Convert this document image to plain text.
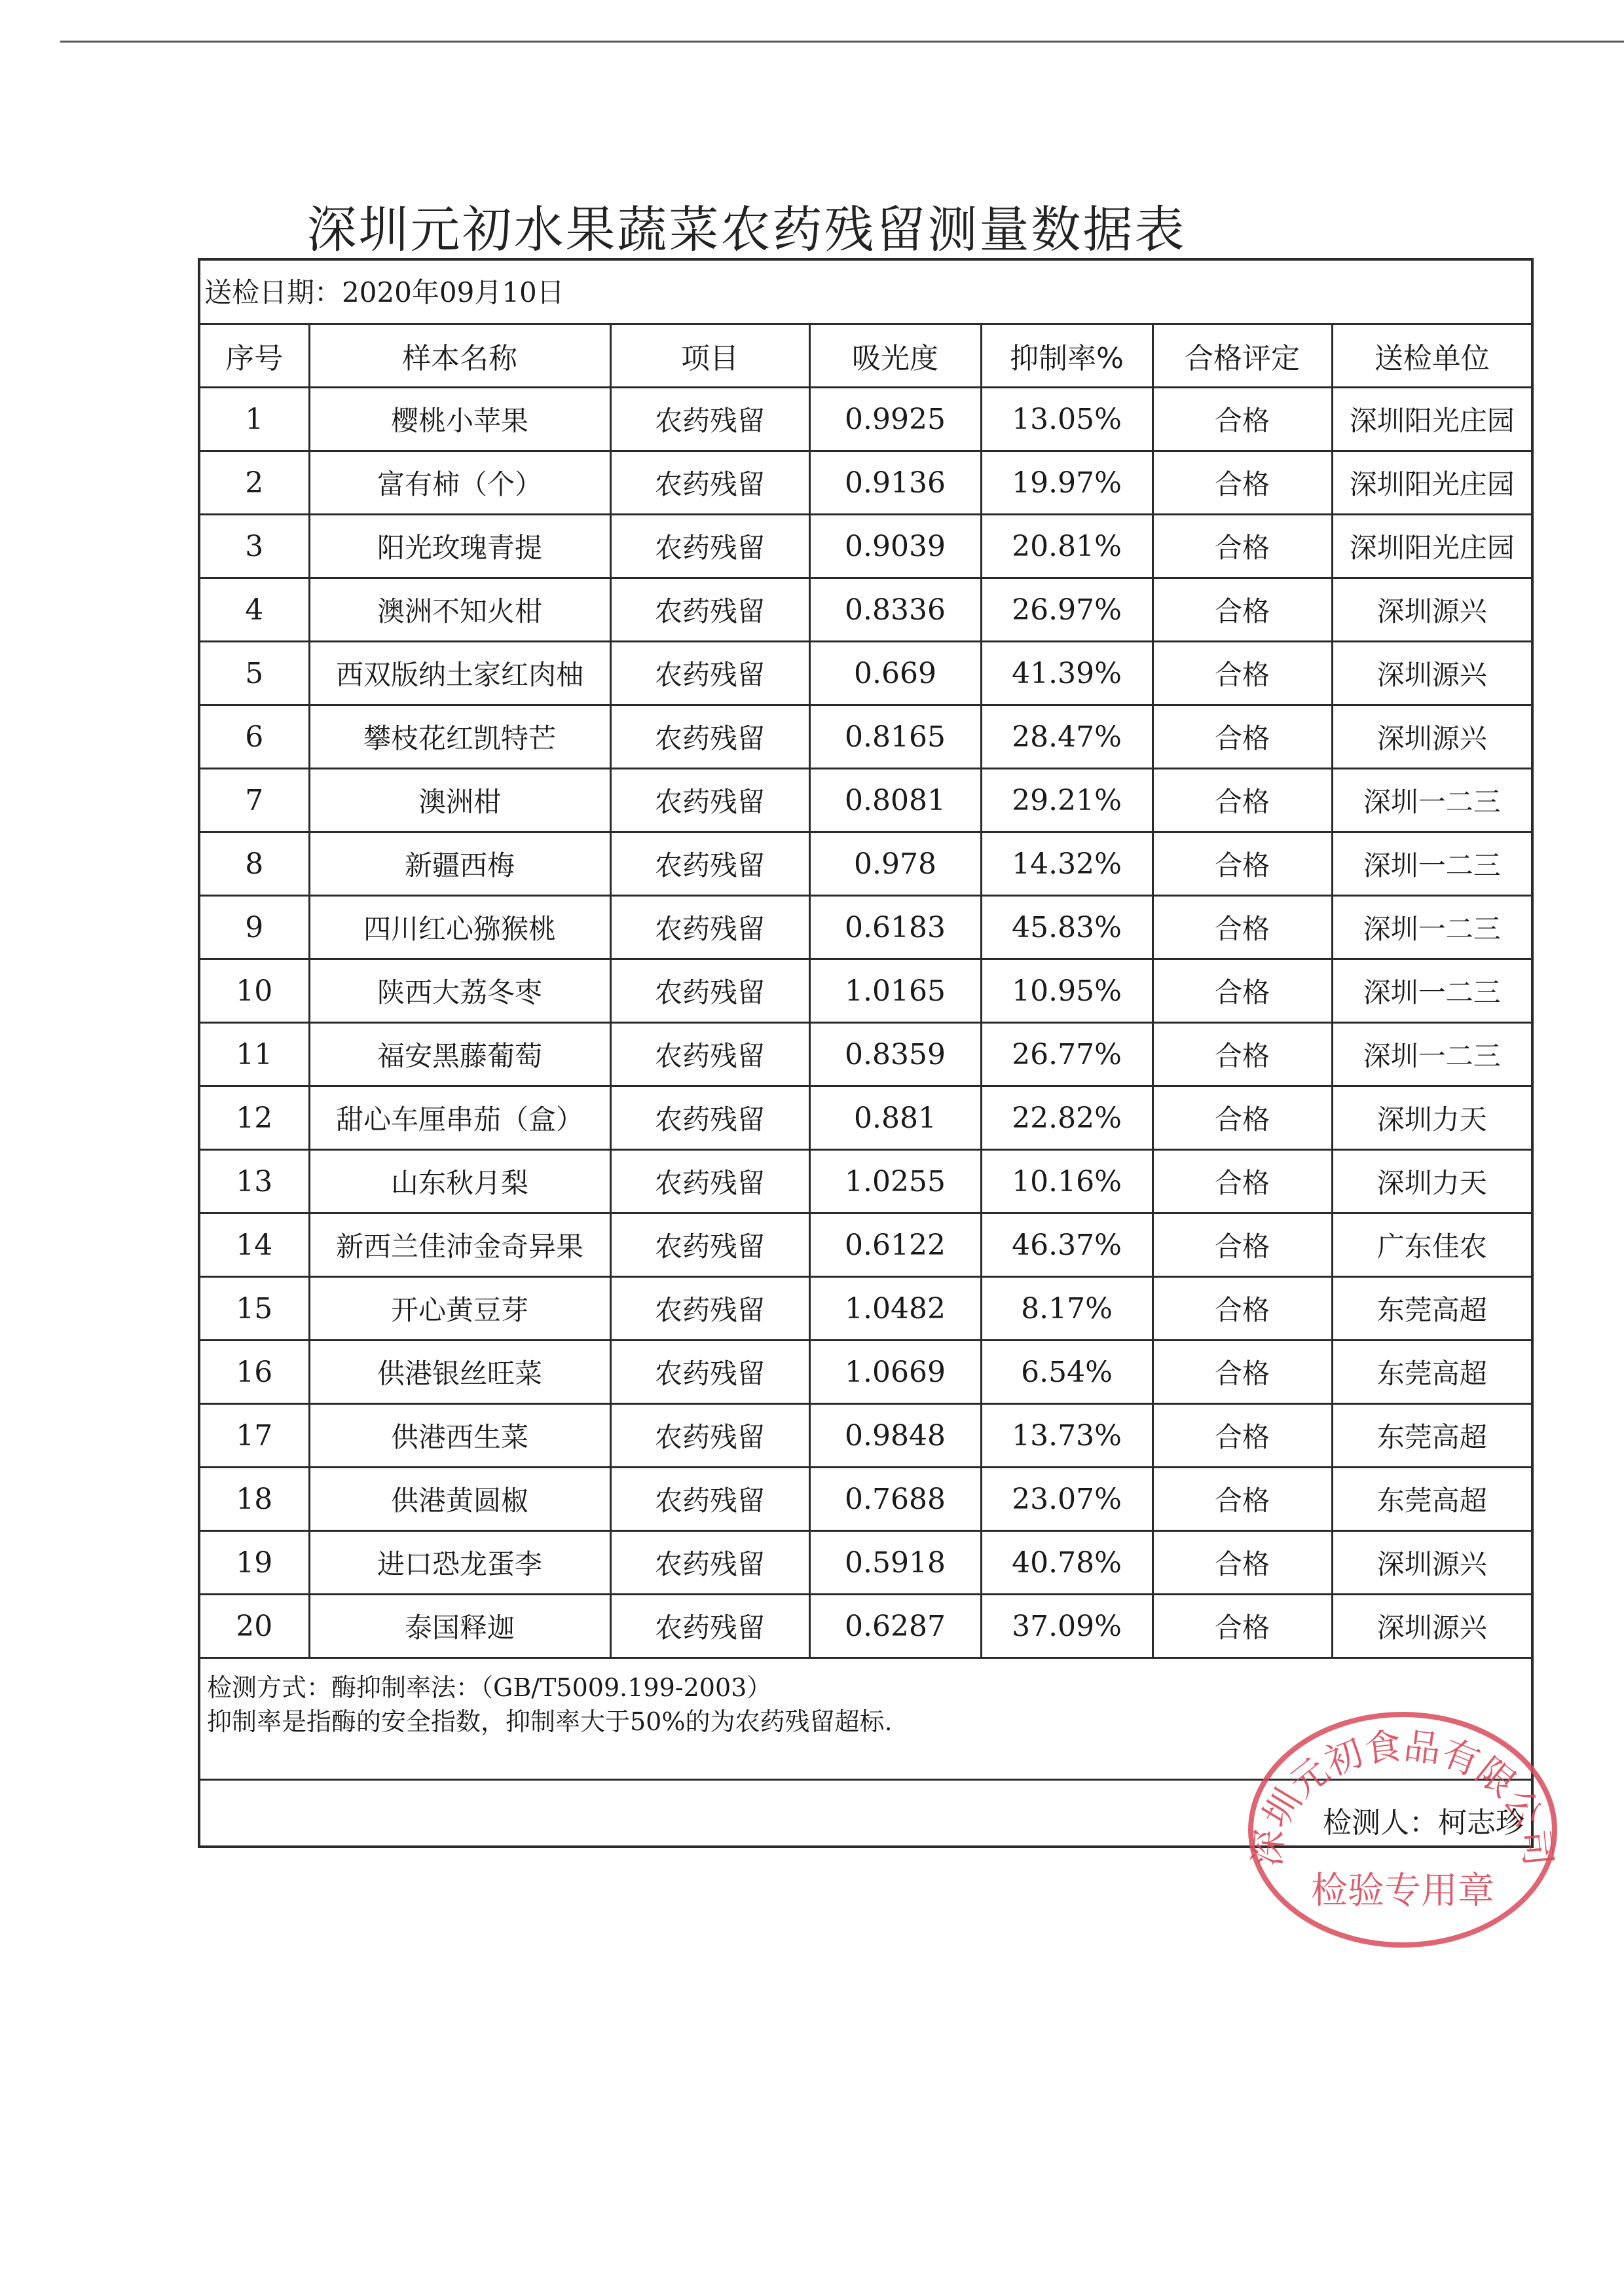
深圳元初水果蔬菜农药残留测量数据表
送检日期：2020年09月10日
序号	样本名称	项目	吸光度	抑制率%	合格评定	送检单位
1	樱桃小苹果	农药残留	0.9925	13.05%	合格	深圳阳光庄园
2	富有柿（个）	农药残留	0.9136	19.97%	合格	深圳阳光庄园
3	阳光玫瑰青提	农药残留	0.9039	20.81%	合格	深圳阳光庄园
4	澳洲不知火柑	农药残留	0.8336	26.97%	合格	深圳源兴
5	西双版纳土家红肉柚	农药残留	0.669	41.39%	合格	深圳源兴
6	攀枝花红凯特芒	农药残留	0.8165	28.47%	合格	深圳源兴
7	澳洲柑	农药残留	0.8081	29.21%	合格	深圳一二三
8	新疆西梅	农药残留	0.978	14.32%	合格	深圳一二三
9	四川红心猕猴桃	农药残留	0.6183	45.83%	合格	深圳一二三
10	陕西大荔冬枣	农药残留	1.0165	10.95%	合格	深圳一二三
11	福安黑藤葡萄	农药残留	0.8359	26.77%	合格	深圳一二三
12	甜心车厘串茄（盒）	农药残留	0.881	22.82%	合格	深圳力天
13	山东秋月梨	农药残留	1.0255	10.16%	合格	深圳力天
14	新西兰佳沛金奇异果	农药残留	0.6122	46.37%	合格	广东佳农
15	开心黄豆芽	农药残留	1.0482	8.17%	合格	东莞高超
16	供港银丝旺菜	农药残留	1.0669	6.54%	合格	东莞高超
17	供港西生菜	农药残留	0.9848	13.73%	合格	东莞高超
18	供港黄圆椒	农药残留	0.7688	23.07%	合格	东莞高超
19	进口恐龙蛋李	农药残留	0.5918	40.78%	合格	深圳源兴
20	泰国释迦	农药残留	0.6287	37.09%	合格	深圳源兴
检测方式：酶抑制率法：（GB/T5009.199-2003）
抑制率是指酶的安全指数，抑制率大于50%的为农药残留超标.
检测人：柯志珍
深圳元初食品有限公司
检验专用章
